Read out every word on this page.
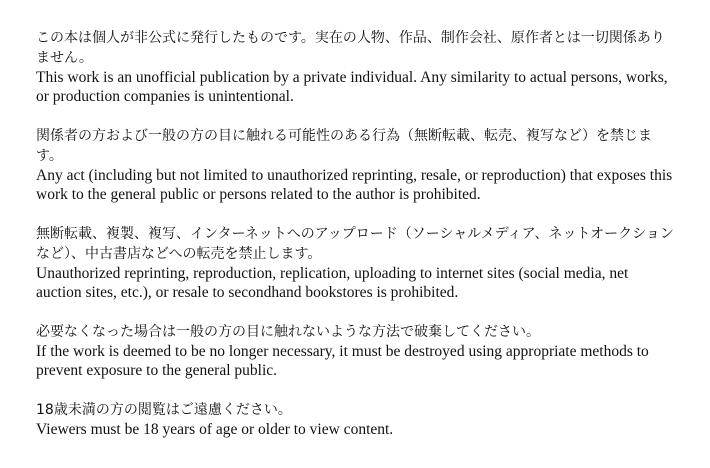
この本は個人が非公式に発行したものです。実在の人物、作品、制作会社、原作者とは一切関係ありません。

This work is an unofficial publication by a private individual. Any similarity to actual persons, works, or production companies is unintentional.

関係者の方および一般の方の目に触れる可能性のある行為（無断転載、転売、複写など）を禁じます。

Any act (including but not limited to unauthorized reprinting, resale, or reproduction) that exposes this work to the general public or persons related to the author is prohibited.

無断転載、複製、複写、インターネットへのアップロード（ソーシャルメディア、ネットオークションなど）、中古書店などへの転売を禁止します。

Unauthorized reprinting, reproduction, replication, uploading to internet sites (social media, net auction sites, etc.), or resale to secondhand bookstores is prohibited.

必要なくなった場合は一般の方の目に触れないような方法で破棄してください。

If the work is deemed to be no longer necessary, it must be destroyed using appropriate methods to prevent exposure to the general public.

18歳未満の方の閲覧はご遠慮ください。

Viewers must be 18 years of age or older to view content.
